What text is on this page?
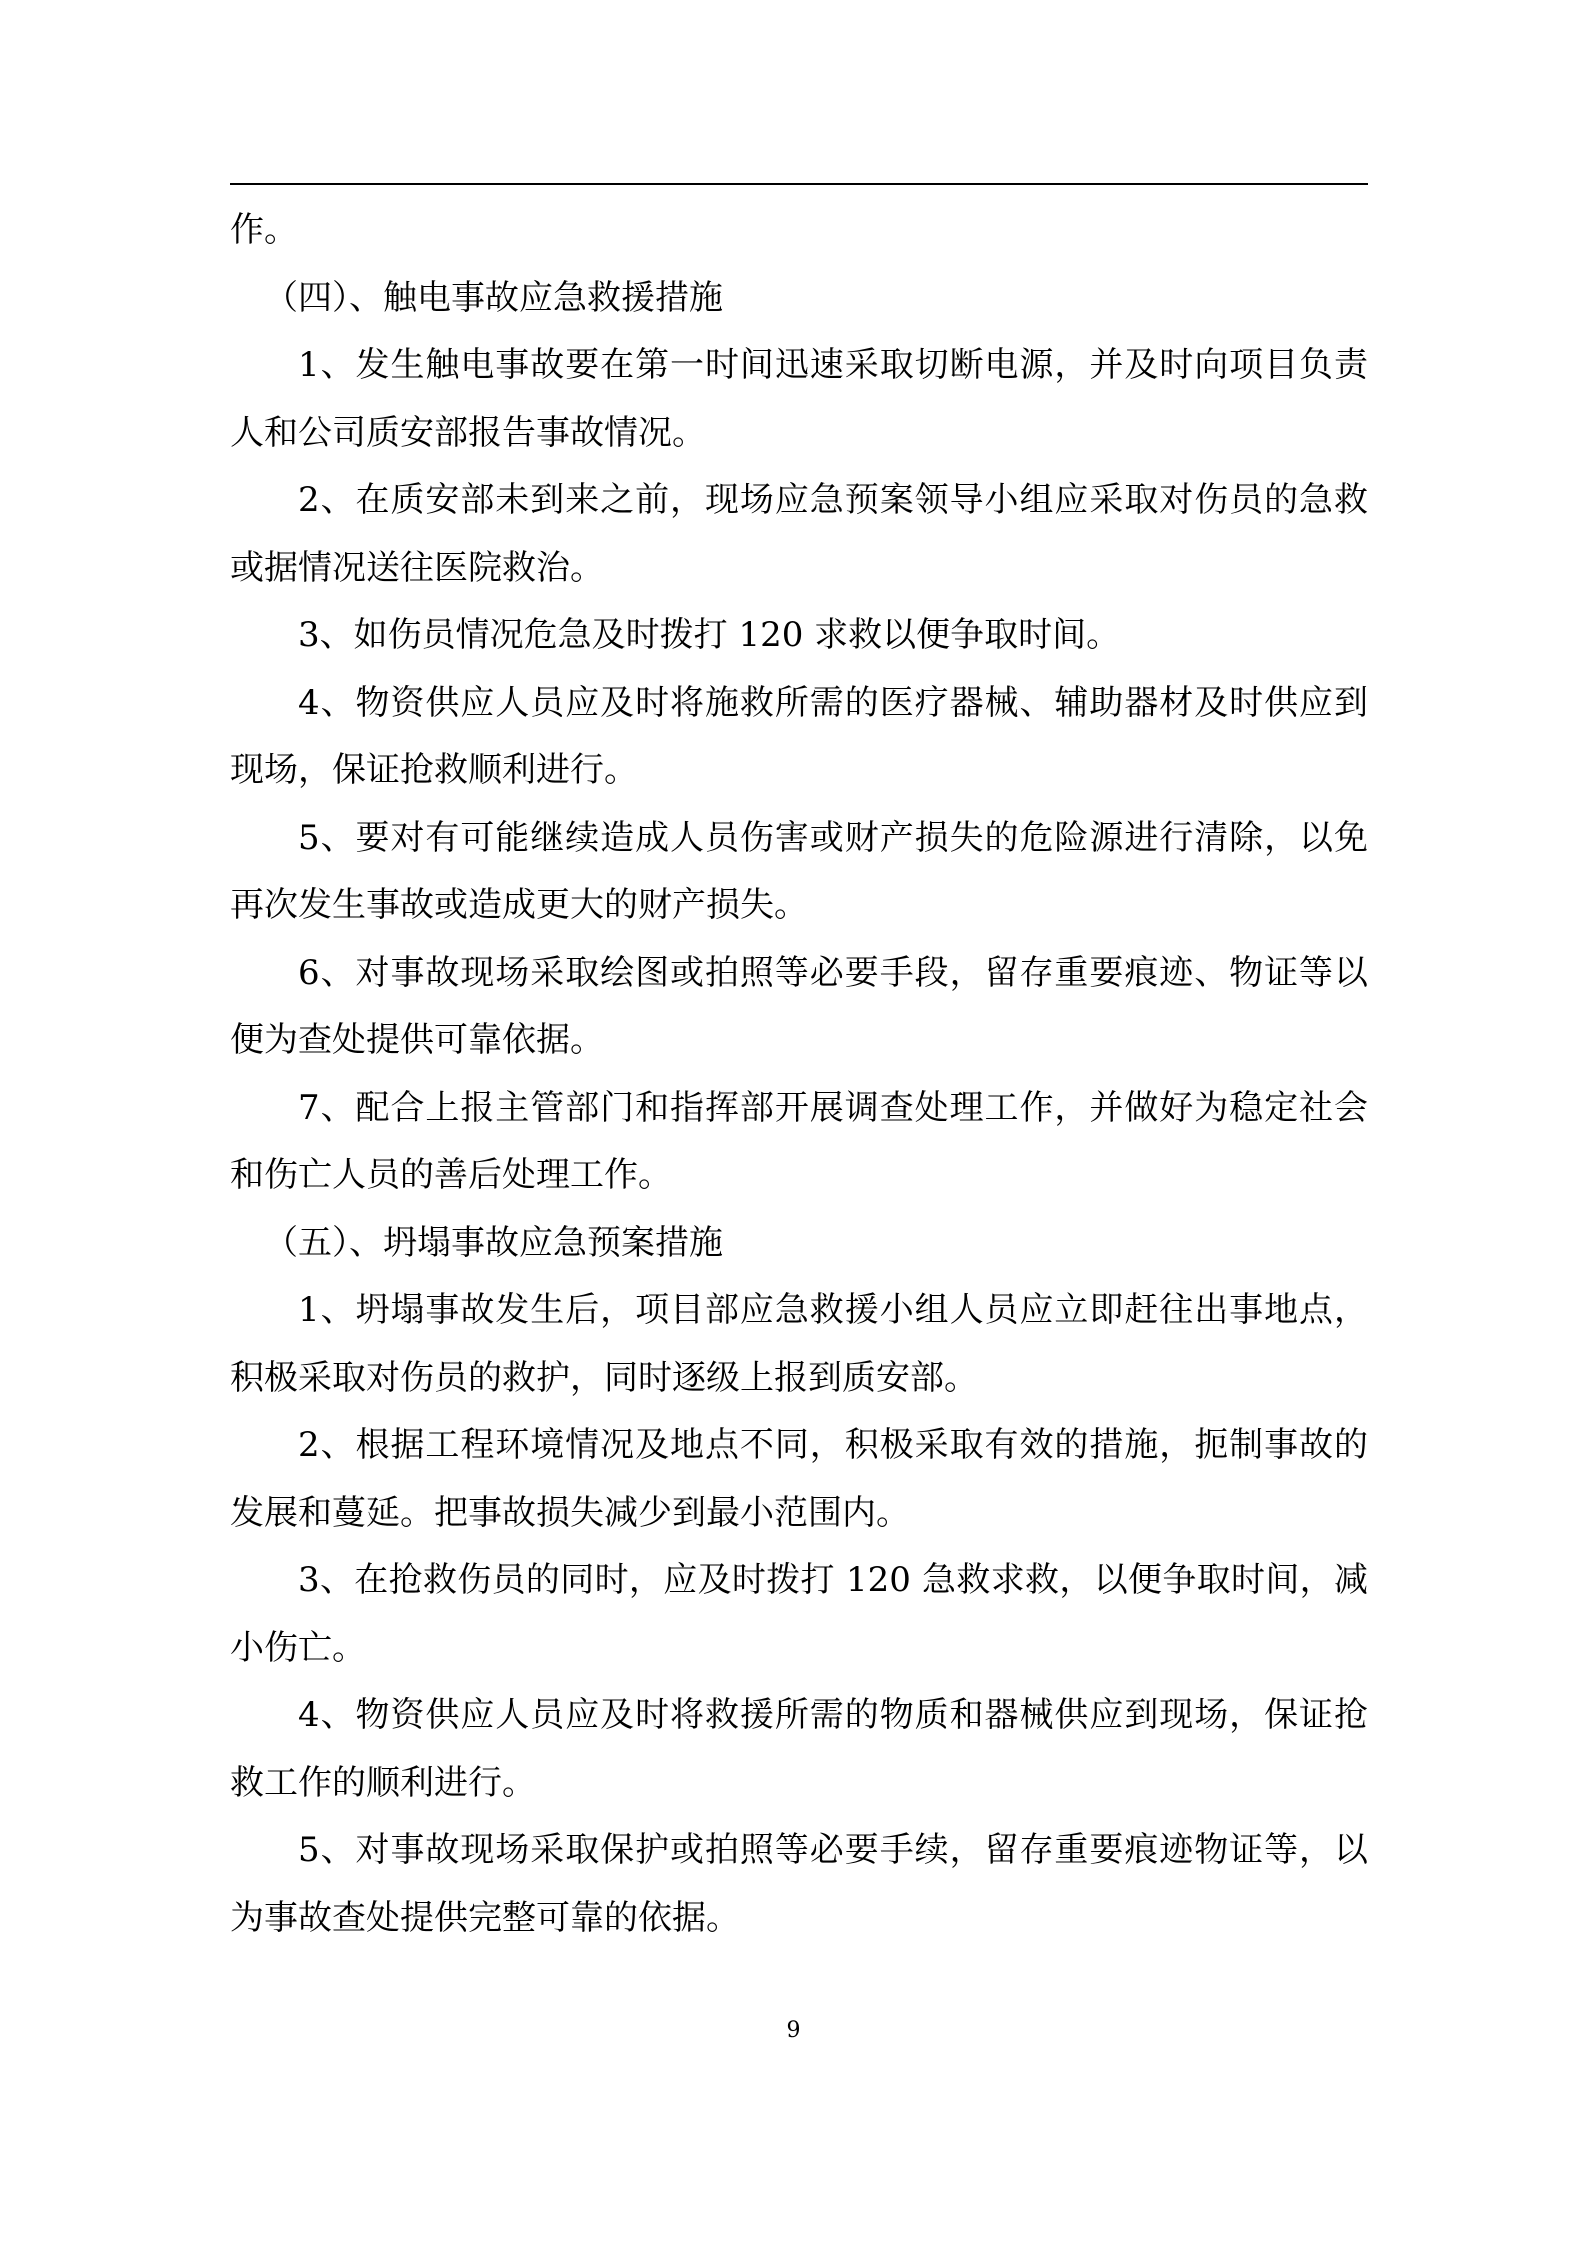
作。

（四）、触电事故应急救援措施

1、发生触电事故要在第一时间迅速采取切断电源，并及时向项目负责人和公司质安部报告事故情况。

2、在质安部未到来之前，现场应急预案领导小组应采取对伤员的急救或据情况送往医院救治。

3、如伤员情况危急及时拨打 120 求救以便争取时间。

4、物资供应人员应及时将施救所需的医疗器械、辅助器材及时供应到现场，保证抢救顺利进行。

5、要对有可能继续造成人员伤害或财产损失的危险源进行清除，以免再次发生事故或造成更大的财产损失。

6、对事故现场采取绘图或拍照等必要手段，留存重要痕迹、物证等以便为查处提供可靠依据。

7、配合上报主管部门和指挥部开展调查处理工作，并做好为稳定社会和伤亡人员的善后处理工作。

（五）、坍塌事故应急预案措施

1、坍塌事故发生后，项目部应急救援小组人员应立即赶往出事地点，积极采取对伤员的救护，同时逐级上报到质安部。

2、根据工程环境情况及地点不同，积极采取有效的措施，扼制事故的发展和蔓延。把事故损失减少到最小范围内。

3、在抢救伤员的同时，应及时拨打 120 急救求救，以便争取时间，减小伤亡。

4、物资供应人员应及时将救援所需的物质和器械供应到现场，保证抢救工作的顺利进行。

5、对事故现场采取保护或拍照等必要手续，留存重要痕迹物证等，以为事故查处提供完整可靠的依据。

9
